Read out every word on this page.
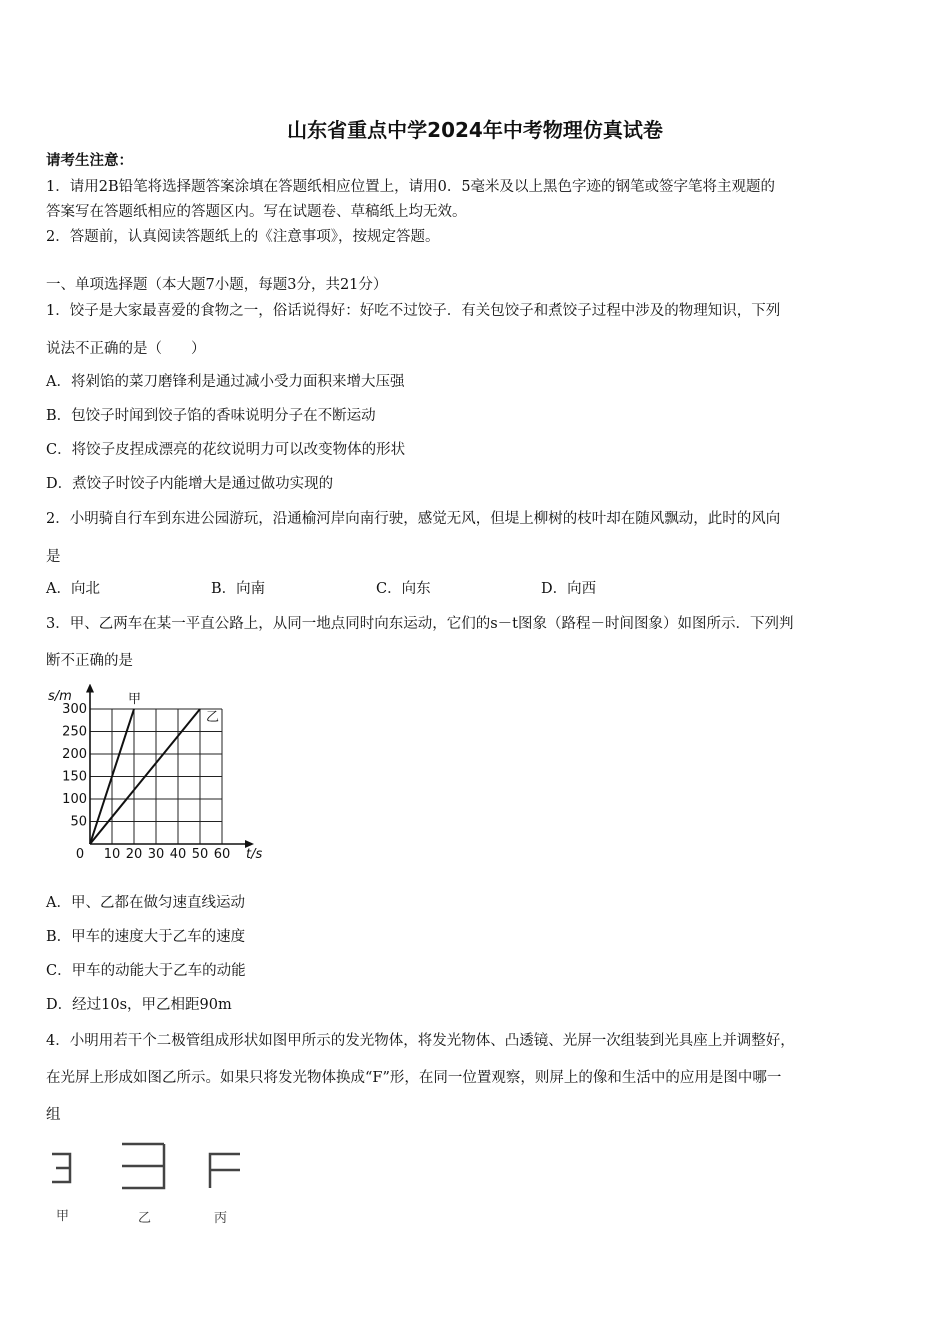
山东省重点中学2024年中考物理仿真试卷
请考生注意：
1．请用2B铅笔将选择题答案涂填在答题纸相应位置上，请用0．5毫米及以上黑色字迹的钢笔或签字笔将主观题的
答案写在答题纸相应的答题区内。写在试题卷、草稿纸上均无效。
2．答题前，认真阅读答题纸上的《注意事项》，按规定答题。
一、单项选择题（本大题7小题，每题3分，共21分）
1．饺子是大家最喜爱的食物之一，俗话说得好：好吃不过饺子．有关包饺子和煮饺子过程中涉及的物理知识，下列
说法不正确的是（　　）
A．将剁馅的菜刀磨锋利是通过减小受力面积来增大压强
B．包饺子时闻到饺子馅的香味说明分子在不断运动
C．将饺子皮捏成漂亮的花纹说明力可以改变物体的形状
D．煮饺子时饺子内能增大是通过做功实现的
2．小明骑自行车到东进公园游玩，沿通榆河岸向南行驶，感觉无风，但堤上柳树的枝叶却在随风飘动，此时的风向
是
A．向北	B．向南	C．向东	D．向西
3．甲、乙两车在某一平直公路上，从同一地点同时向东运动，它们的s－t图象（路程－时间图象）如图所示．下列判
断不正确的是
0 10 20 30 40 50 60
50
100
150
200
250
300
s/m
t/s
甲
乙
A．甲、乙都在做匀速直线运动
B．甲车的速度大于乙车的速度
C．甲车的动能大于乙车的动能
D．经过10s，甲乙相距90m
4．小明用若干个二极管组成形状如图甲所示的发光物体，将发光物体、凸透镜、光屏一次组装到光具座上并调整好，
在光屏上形成如图乙所示。如果只将发光物体换成“F”形，在同一位置观察，则屏上的像和生活中的应用是图中哪一
组
甲	乙	丙
